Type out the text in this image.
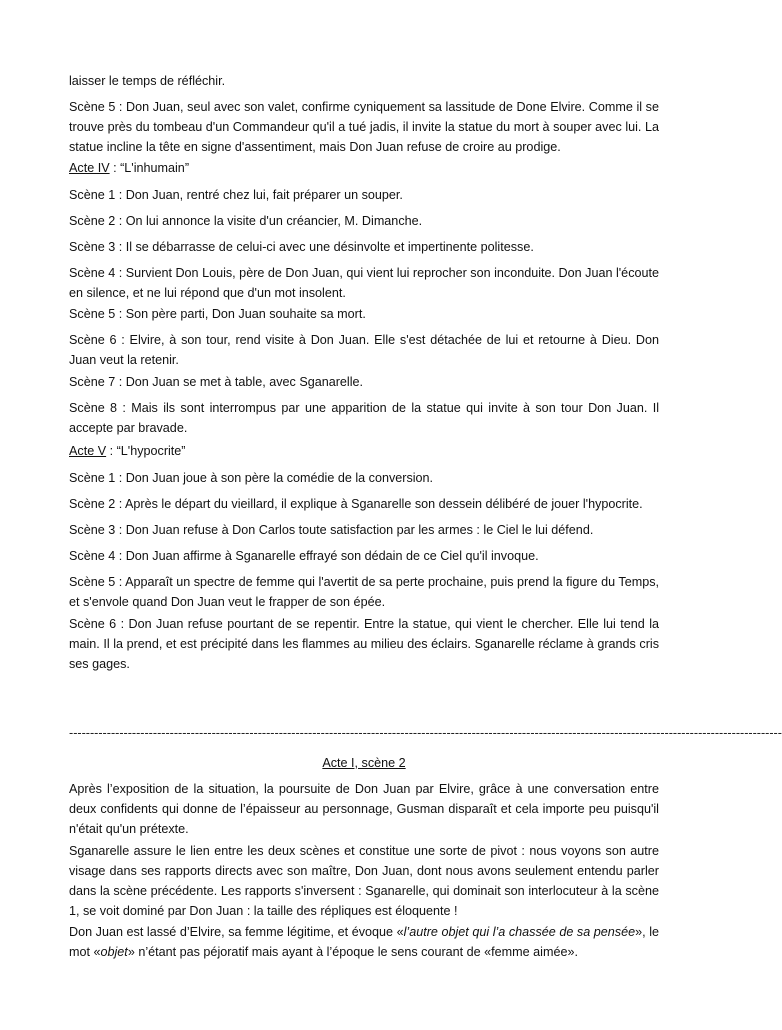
laisser le temps de réfléchir.

Scène 5 : Don Juan, seul avec son valet, confirme cyniquement sa lassitude de Done Elvire. Comme il se trouve près du tombeau d'un Commandeur qu'il a tué jadis, il invite la statue du mort à souper avec lui. La statue incline la tête en signe d'assentiment, mais Don Juan refuse de croire au prodige.

Acte IV : “L'inhumain”

Scène 1 : Don Juan, rentré chez lui, fait préparer un souper.

Scène 2 : On lui annonce la visite d'un créancier, M. Dimanche.

Scène 3 : Il se débarrasse de celui-ci avec une désinvolte et impertinente politesse.

Scène 4 : Survient Don Louis, père de Don Juan, qui vient lui reprocher son inconduite. Don Juan l'écoute en silence, et ne lui répond que d'un mot insolent.

Scène 5 : Son père parti, Don Juan souhaite sa mort.

Scène 6 : Elvire, à son tour, rend visite à Don Juan. Elle s'est détachée de lui et retourne à Dieu. Don Juan veut la retenir.

Scène 7 : Don Juan se met à table, avec Sganarelle.

Scène 8 : Mais ils sont interrompus par une apparition de la statue qui invite à son tour Don Juan. Il accepte par bravade.

Acte V : “L'hypocrite”

Scène 1 : Don Juan joue à son père la comédie de la conversion.

Scène 2 : Après le départ du vieillard, il explique à Sganarelle son dessein délibéré de jouer l'hypocrite.

Scène 3 : Don Juan refuse à Don Carlos toute satisfaction par les armes : le Ciel le lui défend.

Scène 4 : Don Juan affirme à Sganarelle effrayé son dédain de ce Ciel qu'il invoque.

Scène 5 : Apparaît un spectre de femme qui l'avertit de sa perte prochaine, puis prend la figure du Temps, et s'envole quand Don Juan veut le frapper de son épée.

Scène 6 : Don Juan refuse pourtant de se repentir. Entre la statue, qui vient le chercher. Elle lui tend la main. Il la prend, et est précipité dans les flammes au milieu des éclairs. Sganarelle réclame à grands cris ses gages.

--------------------------------------------------------------------------------------------------------------------------------------------------------------------------
Acte I, scène 2

Après l’exposition de la situation, la poursuite de Don Juan par Elvire, grâce à une conversation entre deux confidents qui donne de l’épaisseur au personnage, Gusman disparaît et cela importe peu puisqu'il n'était qu'un prétexte.

Sganarelle assure le lien entre les deux scènes et constitue une sorte de pivot : nous voyons son autre visage dans ses rapports directs avec son maître, Don Juan, dont nous avons seulement entendu parler dans la scène précédente. Les rapports s'inversent : Sganarelle, qui dominait son interlocuteur à la scène 1, se voit dominé par Don Juan : la taille des répliques est éloquente !

Don Juan est lassé d’Elvire, sa femme légitime, et évoque «l’autre objet qui l’a chassée de sa pensée», le mot «objet» n’étant pas péjoratif mais ayant à l’époque le sens courant de «femme aimée».
